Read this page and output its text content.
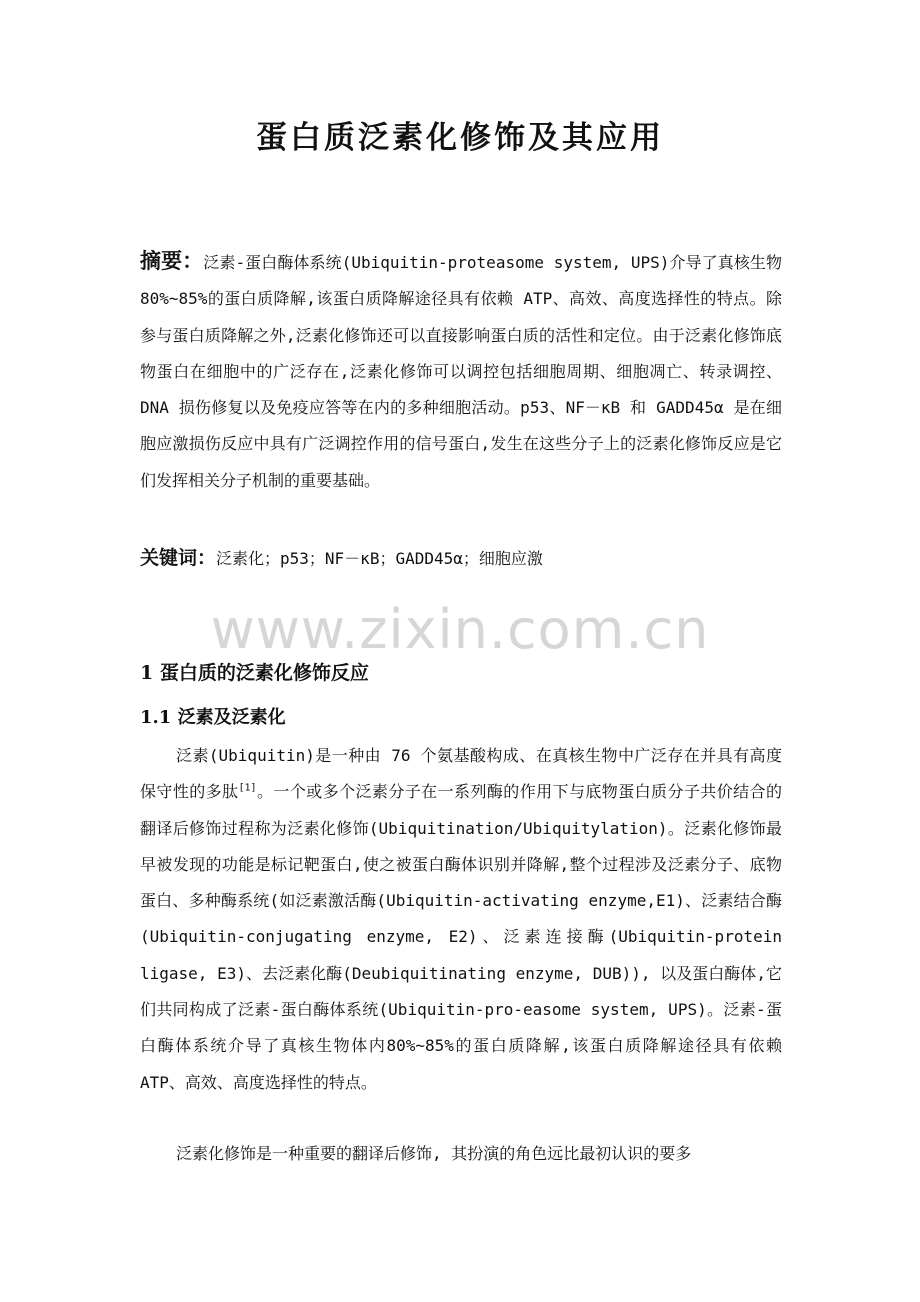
蛋白质泛素化修饰及其应用

摘要：泛素-蛋白酶体系统(Ubiquitin-proteasome system, UPS)介导了真核生物80%~85%的蛋白质降解,该蛋白质降解途径具有依赖 ATP、高效、高度选择性的特点。除参与蛋白质降解之外,泛素化修饰还可以直接影响蛋白质的活性和定位。由于泛素化修饰底物蛋白在细胞中的广泛存在,泛素化修饰可以调控包括细胞周期、细胞凋亡、转录调控、DNA 损伤修复以及免疫应答等在内的多种细胞活动。p53、NF－κB 和 GADD45α 是在细胞应激损伤反应中具有广泛调控作用的信号蛋白,发生在这些分子上的泛素化修饰反应是它们发挥相关分子机制的重要基础。

关键词：泛素化；p53；NF－κB；GADD45α；细胞应激

www.zixin.com.cn
1 蛋白质的泛素化修饰反应
1.1 泛素及泛素化

泛素(Ubiquitin)是一种由 76 个氨基酸构成、在真核生物中广泛存在并具有高度保守性的多肽[1]。一个或多个泛素分子在一系列酶的作用下与底物蛋白质分子共价结合的翻译后修饰过程称为泛素化修饰(Ubiquitination/Ubiquitylation)。泛素化修饰最早被发现的功能是标记靶蛋白,使之被蛋白酶体识别并降解,整个过程涉及泛素分子、底物蛋白、多种酶系统(如泛素激活酶(Ubiquitin-activating enzyme,E1)、泛素结合酶(Ubiquitin-conjugating enzyme, E2)、泛素连接酶(Ubiquitin-protein ligase, E3)、去泛素化酶(Deubiquitinating enzyme, DUB)), 以及蛋白酶体,它们共同构成了泛素-蛋白酶体系统(Ubiquitin-pro-easome system, UPS)。泛素-蛋白酶体系统介导了真核生物体内80%~85%的蛋白质降解,该蛋白质降解途径具有依赖 ATP、高效、高度选择性的特点。

泛素化修饰是一种重要的翻译后修饰, 其扮演的角色远比最初认识的要多
